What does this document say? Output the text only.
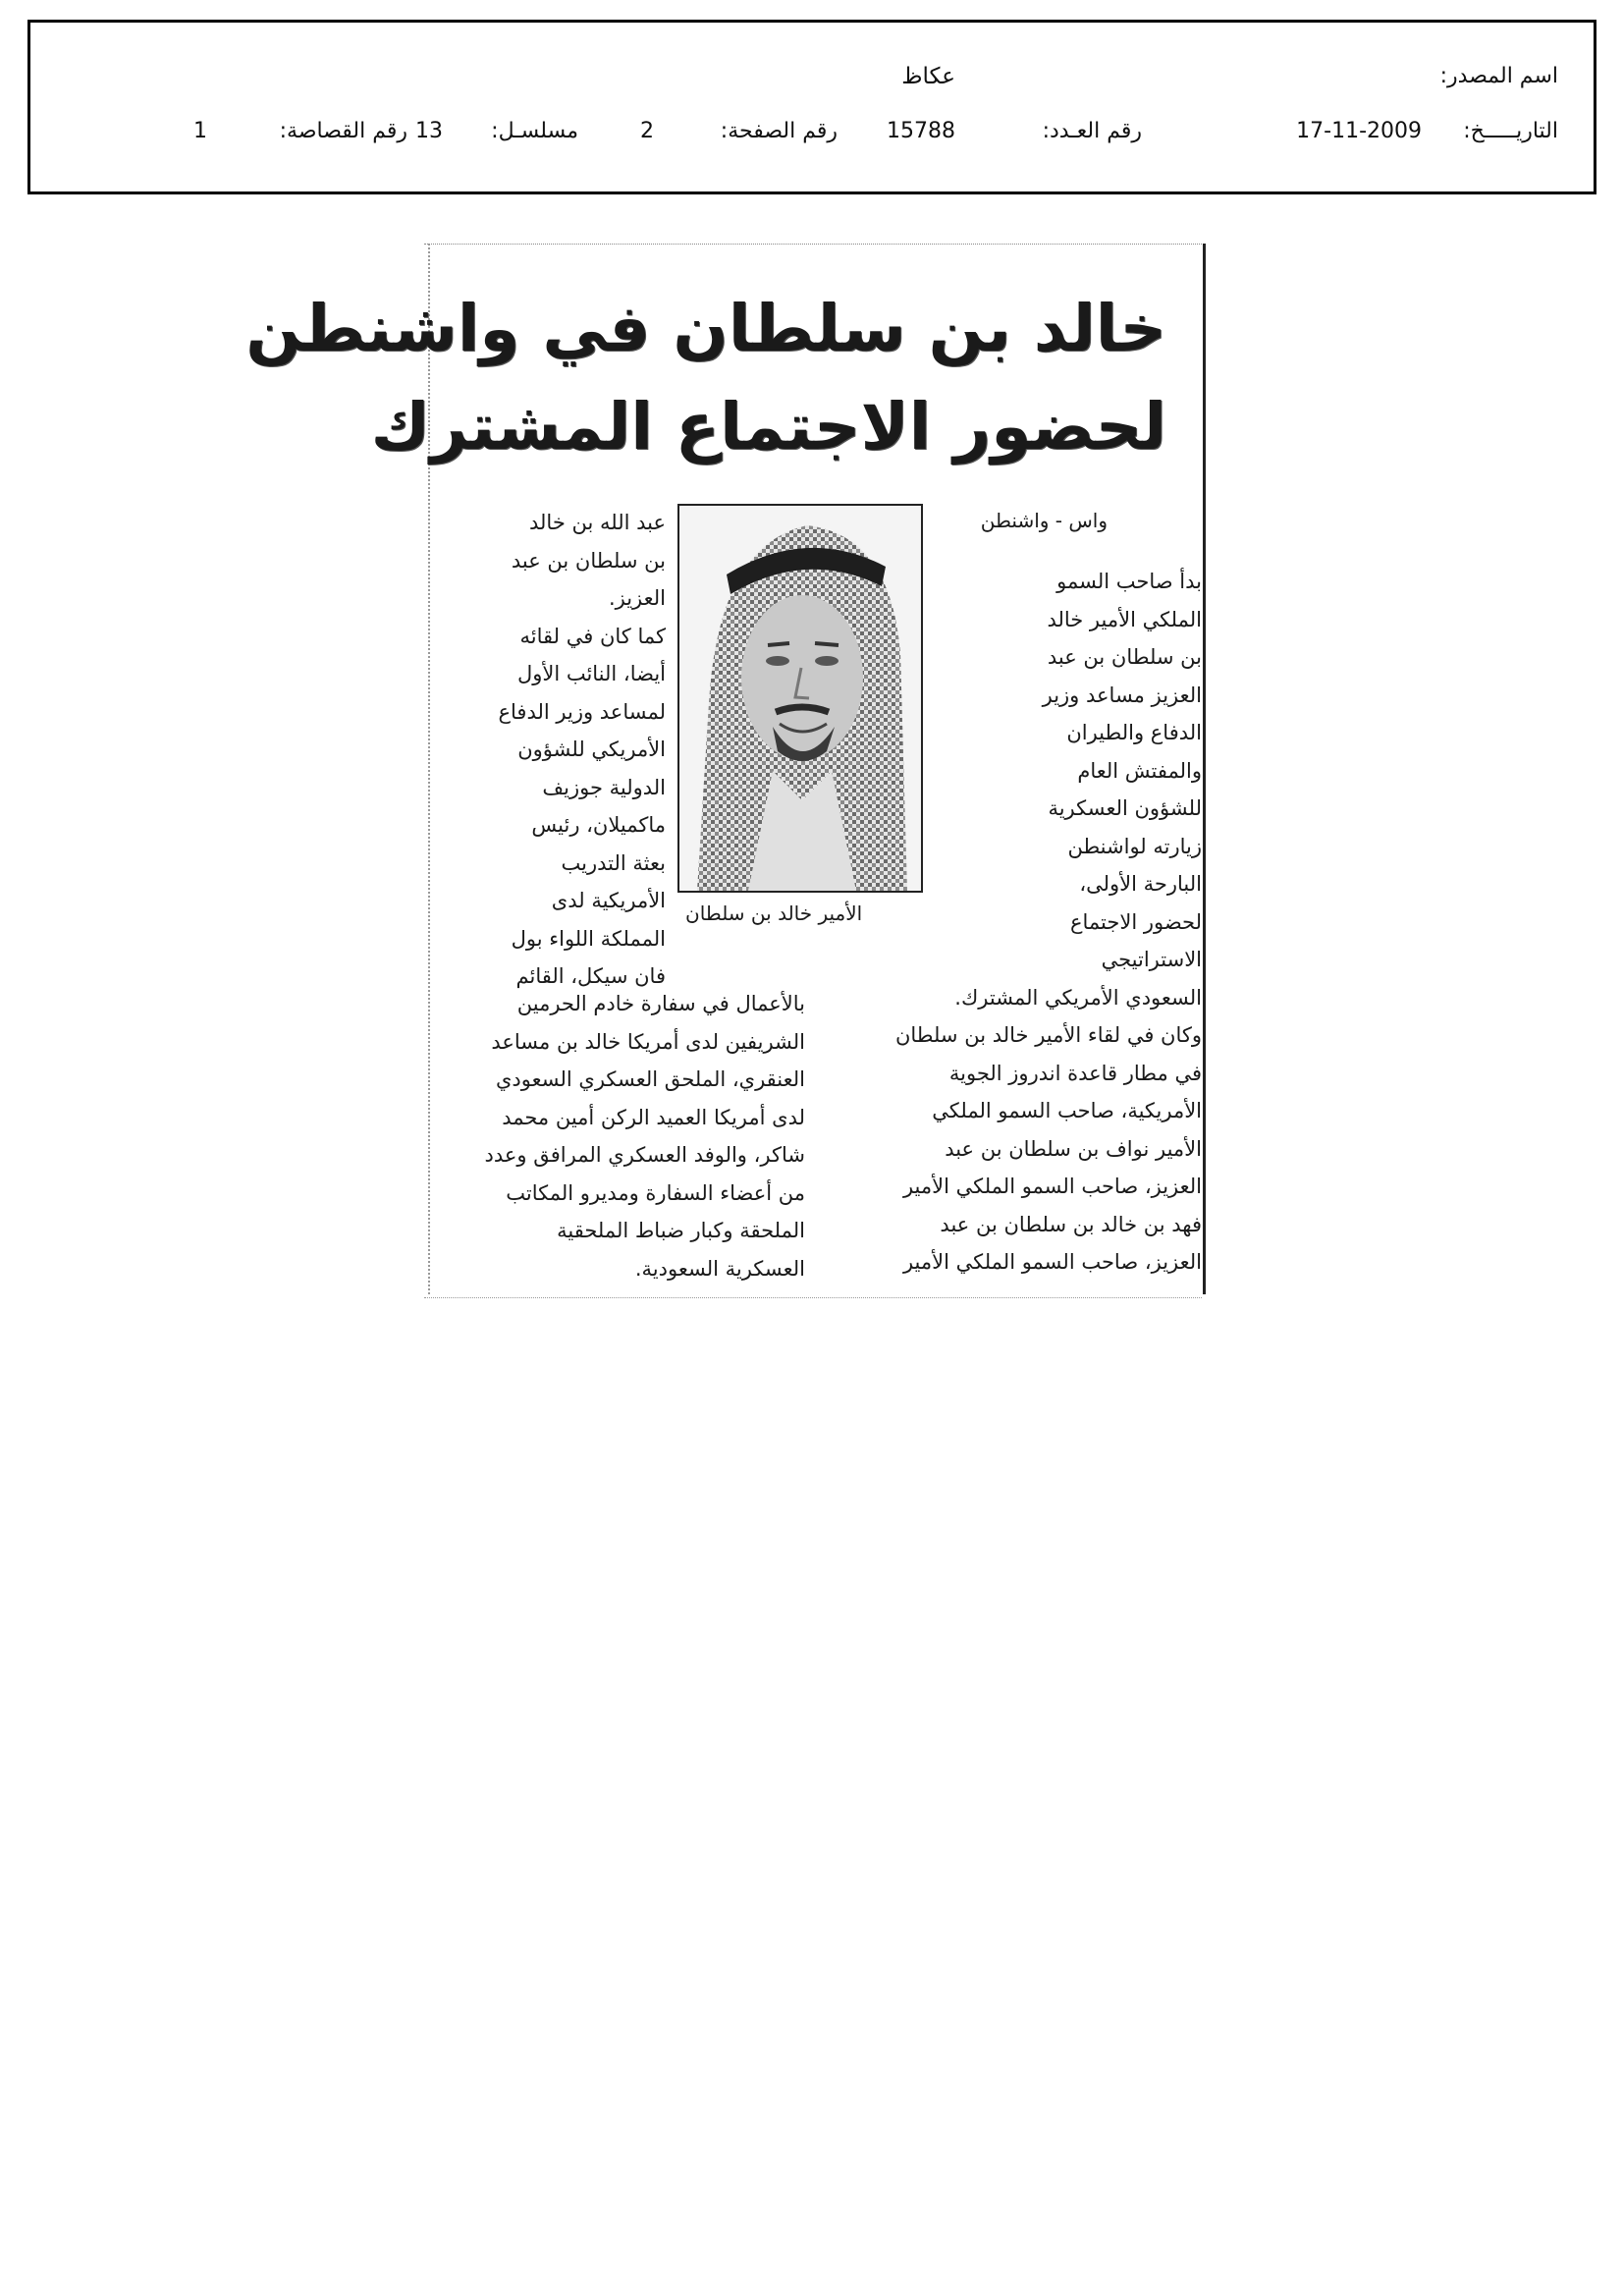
اسم المصدر:
عكاظ
التاريـــــخ:
17-11-2009
رقم العـدد:
15788
رقم الصفحة:
2
مسلسـل:
13
رقم القصاصة:
1
خالد بن سلطان في واشنطن
لحضور الاجتماع المشترك
واس - واشنطن
بدأ صاحب السمو
الملكي الأمير خالد
بن سلطان بن عبد
العزيز مساعد وزير
الدفاع والطيران
والمفتش العام
للشؤون العسكرية
زيارته لواشنطن
البارحة الأولى،
لحضور الاجتماع
الاستراتيجي
السعودي الأمريكي المشترك.
وكان في لقاء الأمير خالد بن سلطان
في مطار قاعدة اندروز الجوية
الأمريكية، صاحب السمو الملكي
الأمير نواف بن سلطان بن عبد
العزيز، صاحب السمو الملكي الأمير
فهد بن خالد بن سلطان بن عبد
العزيز، صاحب السمو الملكي الأمير
الأمير خالد بن سلطان
عبد الله بن خالد
بن سلطان بن عبد
العزيز.
كما كان في لقائه
أيضا، النائب الأول
لمساعد وزير الدفاع
الأمريكي للشؤون
الدولية جوزيف
ماكميلان، رئيس
بعثة التدريب
الأمريكية لدى
المملكة اللواء بول
فان سيكل، القائم
بالأعمال في سفارة خادم الحرمين
الشريفين لدى أمريكا خالد بن مساعد
العنقري، الملحق العسكري السعودي
لدى أمريكا العميد الركن أمين محمد
شاكر، والوفد العسكري المرافق وعدد
من أعضاء السفارة ومديرو المكاتب
الملحقة وكبار ضباط الملحقية
العسكرية السعودية.
